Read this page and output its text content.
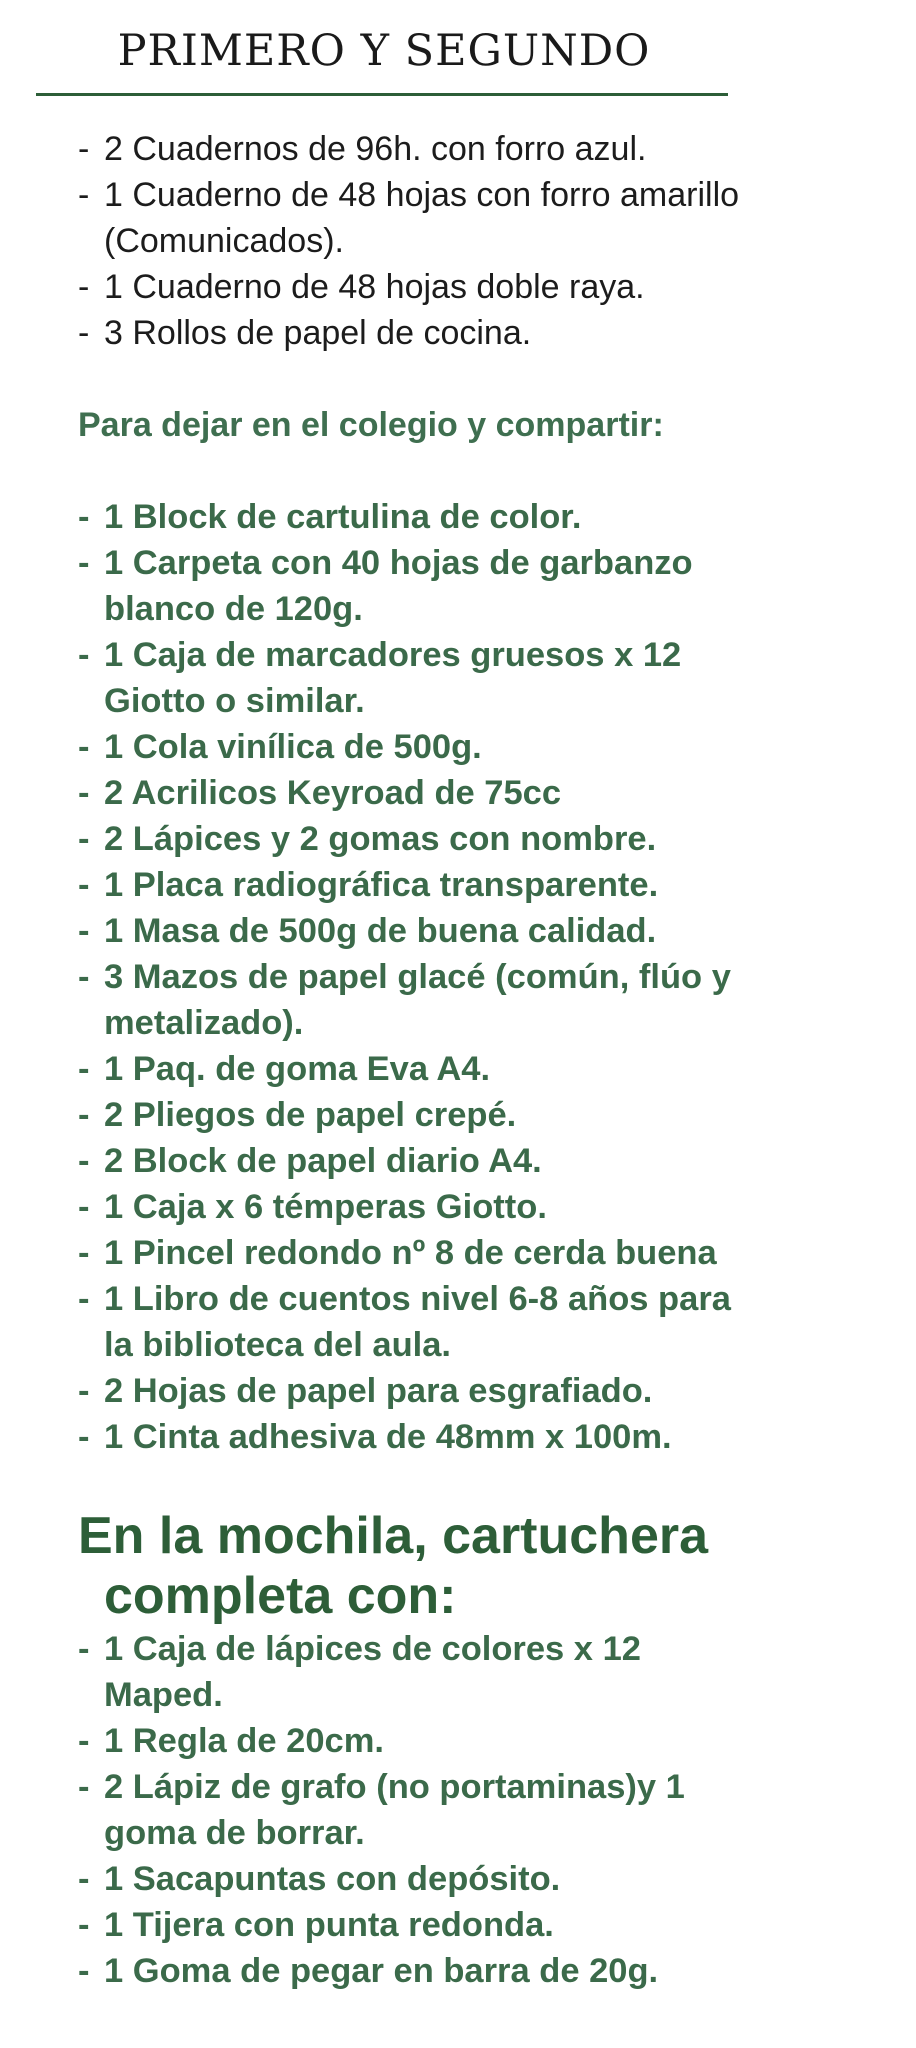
PRIMERO Y SEGUNDO
- 2 Cuadernos de 96h. con forro azul.
- 1 Cuaderno de 48 hojas con forro amarillo
(Comunicados).
- 1 Cuaderno de 48 hojas doble raya.
- 3 Rollos de papel de cocina.
Para dejar en el colegio y compartir:
- 1 Block de cartulina de color.
- 1 Carpeta con 40 hojas de garbanzo
blanco de 120g.
- 1 Caja de marcadores gruesos x 12
Giotto o similar.
- 1 Cola vinílica de 500g.
- 2 Acrilicos Keyroad de 75cc
- 2 Lápices y 2 gomas con nombre.
- 1 Placa radiográfica transparente.
- 1 Masa de 500g de buena calidad.
- 3 Mazos de papel glacé (común, flúo y
metalizado).
- 1 Paq. de goma Eva A4.
- 2 Pliegos de papel crepé.
- 2 Block de papel diario A4.
- 1 Caja x 6 témperas Giotto.
- 1 Pincel redondo nº 8 de cerda buena
- 1 Libro de cuentos nivel 6-8 años para
la biblioteca del aula.
- 2 Hojas de papel para esgrafiado.
- 1 Cinta adhesiva de 48mm x 100m.
En la mochila, cartuchera
completa con:
- 1 Caja de lápices de colores x 12
Maped.
- 1 Regla de 20cm.
- 2 Lápiz de grafo (no portaminas)y 1
goma de borrar.
- 1 Sacapuntas con depósito.
- 1 Tijera con punta redonda.
- 1 Goma de pegar en barra de 20g.
